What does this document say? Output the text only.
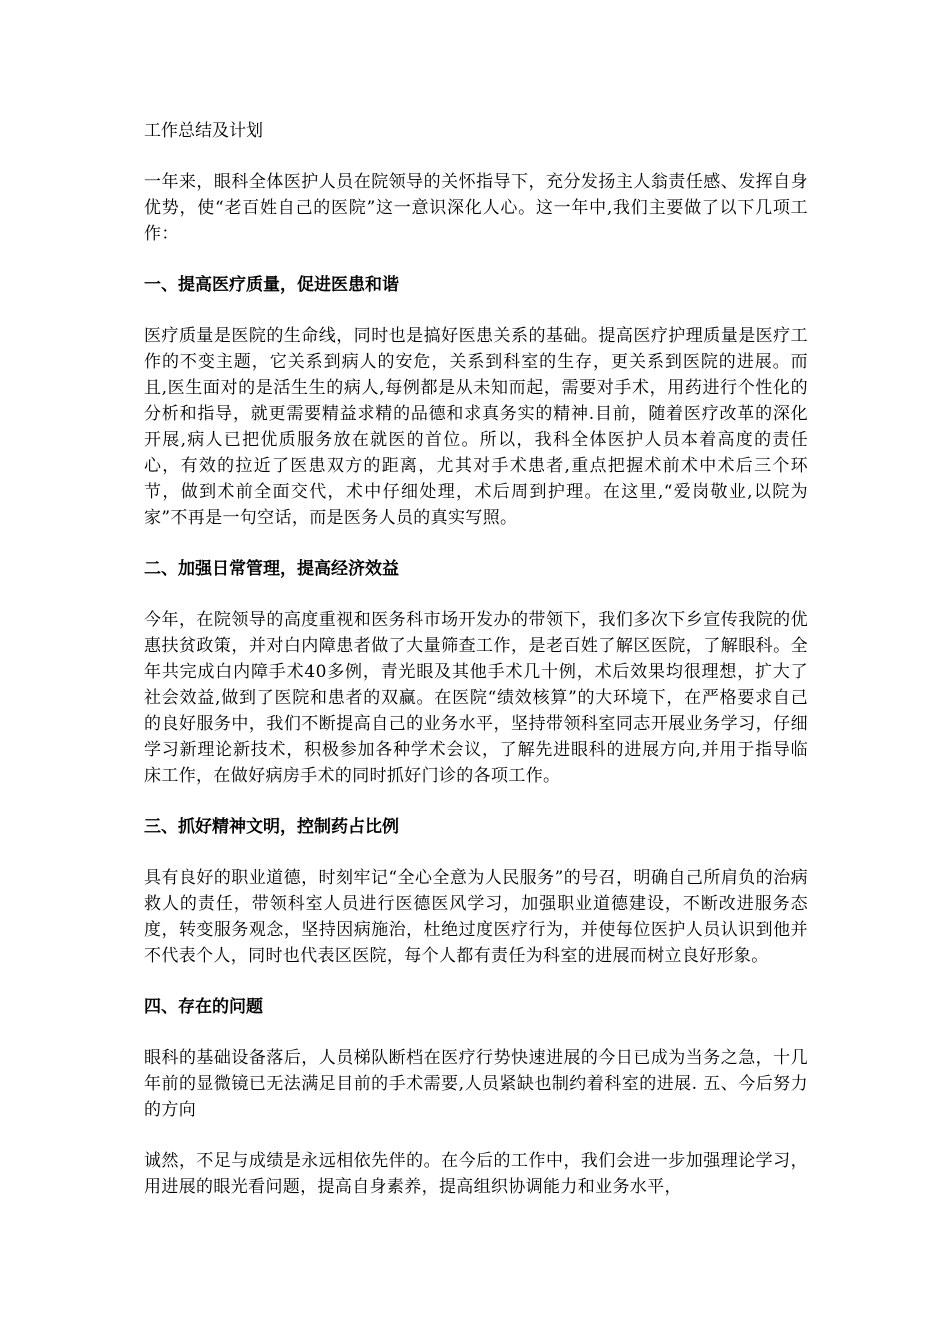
工作总结及计划

一年来，眼科全体医护人员在院领导的关怀指导下，充分发扬主人翁责任感、发挥自身优势，使“老百姓自己的医院”这一意识深化人心。这一年中,我们主要做了以下几项工作：

一、提高医疗质量，促进医患和谐

医疗质量是医院的生命线，同时也是搞好医患关系的基础。提高医疗护理质量是医疗工作的不变主题，它关系到病人的安危，关系到科室的生存，更关系到医院的进展。而且,医生面对的是活生生的病人,每例都是从未知而起，需要对手术，用药进行个性化的分析和指导，就更需要精益求精的品德和求真务实的精神.目前，随着医疗改革的深化开展,病人已把优质服务放在就医的首位。所以，我科全体医护人员本着高度的责任心，有效的拉近了医患双方的距离，尤其对手术患者,重点把握术前术中术后三个环节，做到术前全面交代，术中仔细处理，术后周到护理。在这里,“爱岗敬业,以院为家”不再是一句空话，而是医务人员的真实写照。

二、加强日常管理，提高经济效益

今年，在院领导的高度重视和医务科市场开发办的带领下，我们多次下乡宣传我院的优惠扶贫政策，并对白内障患者做了大量筛查工作，是老百姓了解区医院，了解眼科。全年共完成白内障手术40多例，青光眼及其他手术几十例，术后效果均很理想，扩大了社会效益,做到了医院和患者的双赢。在医院“绩效核算”的大环境下，在严格要求自己的良好服务中，我们不断提高自己的业务水平，坚持带领科室同志开展业务学习，仔细学习新理论新技术，积极参加各种学术会议，了解先进眼科的进展方向,并用于指导临床工作，在做好病房手术的同时抓好门诊的各项工作。

三、抓好精神文明，控制药占比例

具有良好的职业道德，时刻牢记“全心全意为人民服务”的号召，明确自己所肩负的治病救人的责任，带领科室人员进行医德医风学习，加强职业道德建设，不断改进服务态度，转变服务观念，坚持因病施治，杜绝过度医疗行为，并使每位医护人员认识到他并不代表个人，同时也代表区医院，每个人都有责任为科室的进展而树立良好形象。

四、存在的问题

眼科的基础设备落后，人员梯队断档在医疗行势快速进展的今日已成为当务之急，十几年前的显微镜已无法满足目前的手术需要,人员紧缺也制约着科室的进展. 五、今后努力的方向

诚然，不足与成绩是永远相依先伴的。在今后的工作中，我们会进一步加强理论学习，用进展的眼光看问题，提高自身素养，提高组织协调能力和业务水平，
